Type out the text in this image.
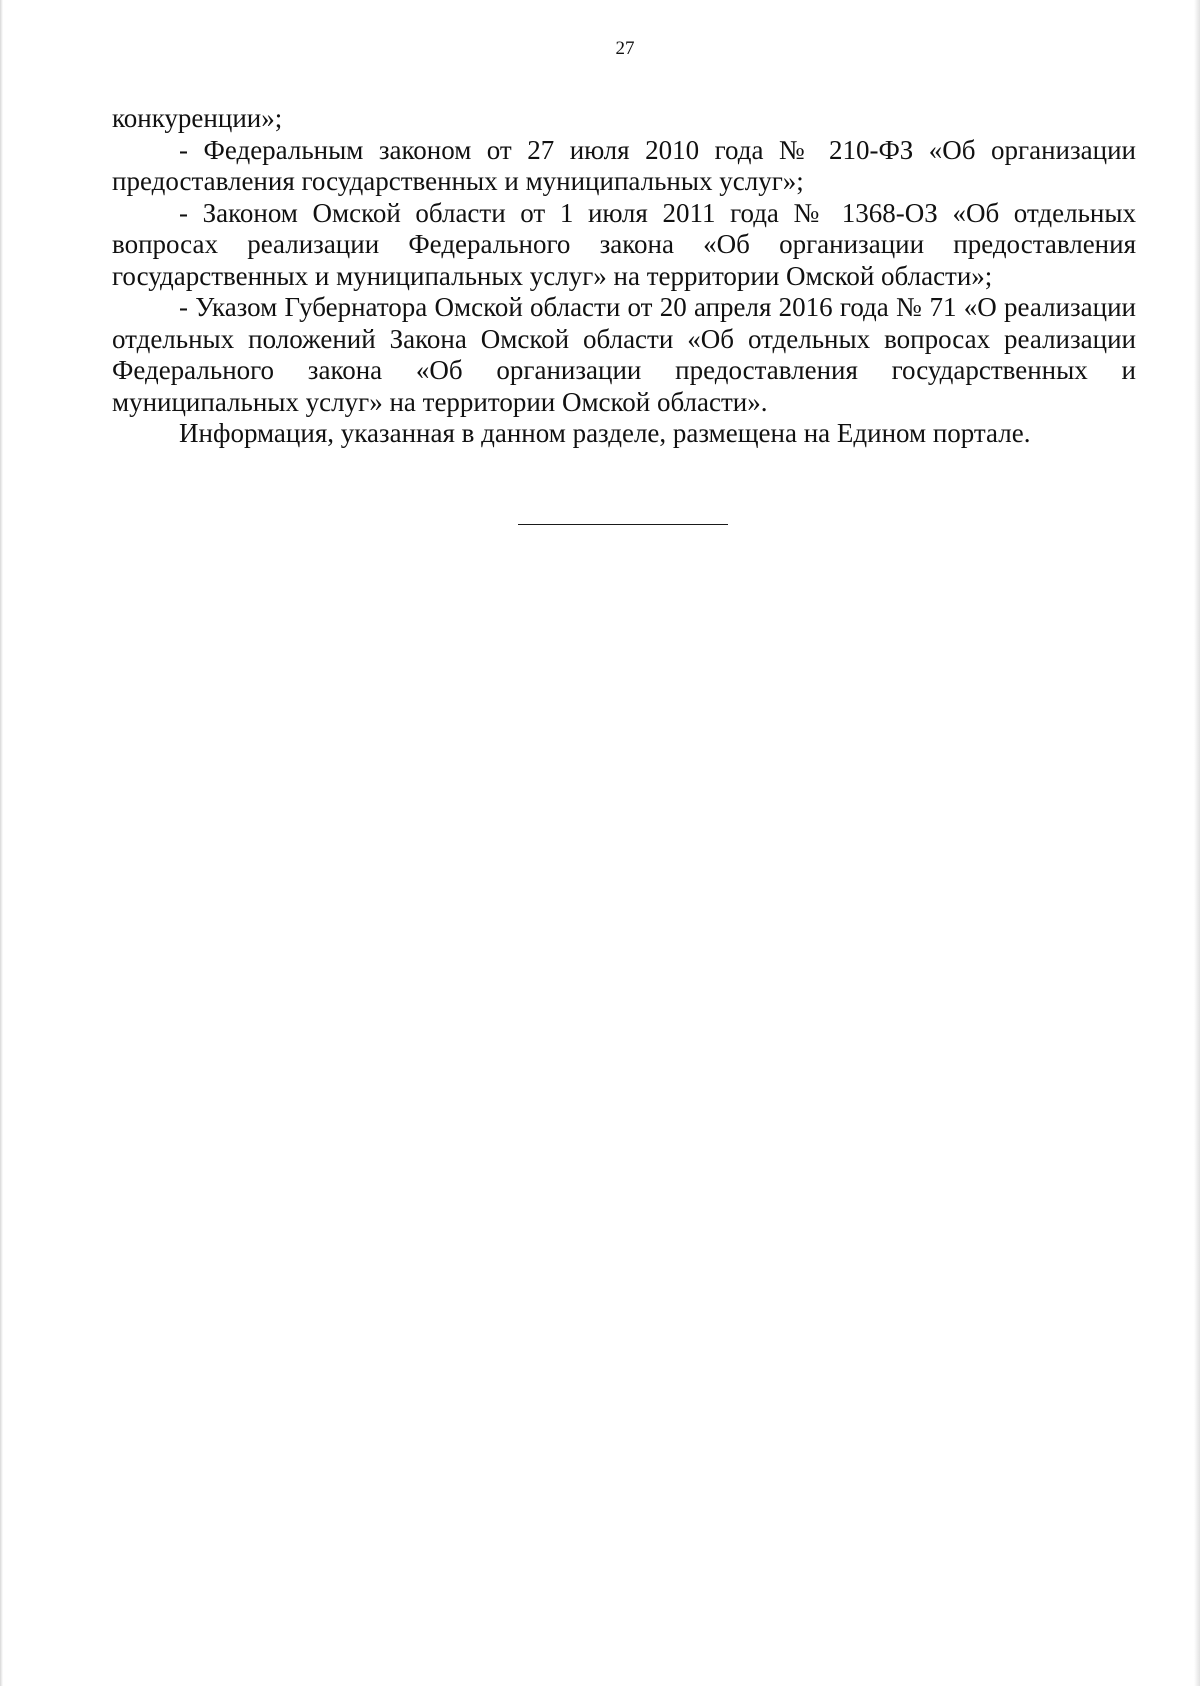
27

конкуренции»;

- Федеральным законом от 27 июля 2010 года № 210-ФЗ «Об организации предоставления государственных и муниципальных услуг»;

- Законом Омской области от 1 июля 2011 года № 1368-ОЗ «Об отдельных вопросах реализации Федерального закона «Об организации предоставления государственных и муниципальных услуг» на территории Омской области»;

- Указом Губернатора Омской области от 20 апреля 2016 года № 71 «О реализации отдельных положений Закона Омской области «Об отдельных вопросах реализации Федерального закона «Об организации предоставления государственных и муниципальных услуг» на территории Омской области».

Информация, указанная в данном разделе, размещена на Едином портале.
